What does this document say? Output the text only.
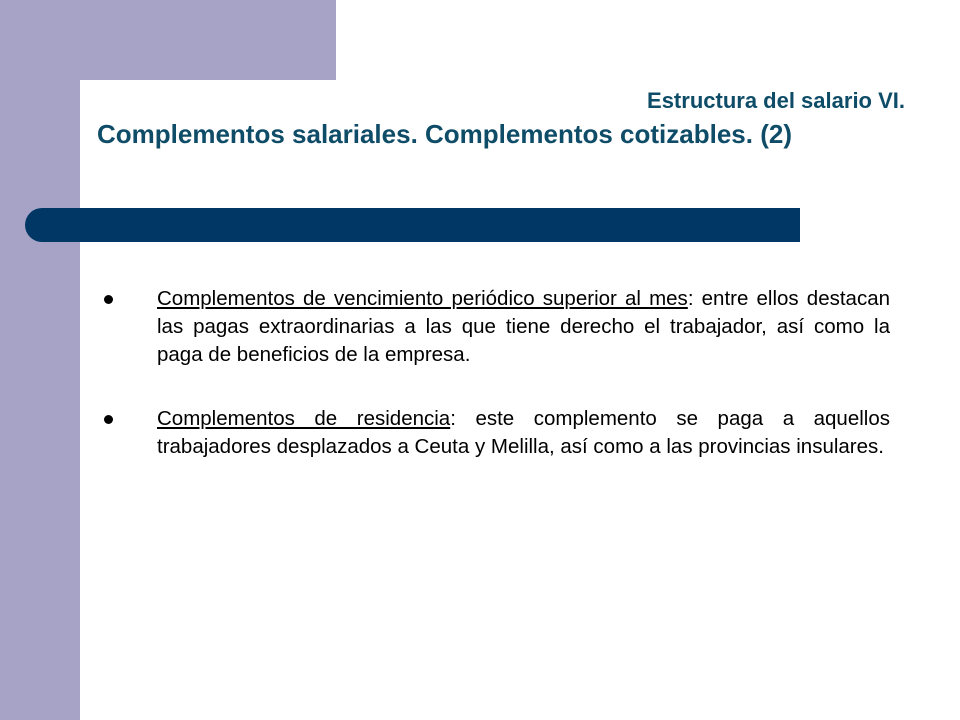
Estructura del salario VI.
Complementos salariales. Complementos cotizables. (2)
Complementos de vencimiento periódico superior al mes: entre ellos destacan las pagas extraordinarias a las que tiene derecho el trabajador, así como la paga de beneficios de la empresa.
Complementos de residencia: este complemento se paga a aquellos trabajadores desplazados a Ceuta y Melilla, así como a las provincias insulares.
